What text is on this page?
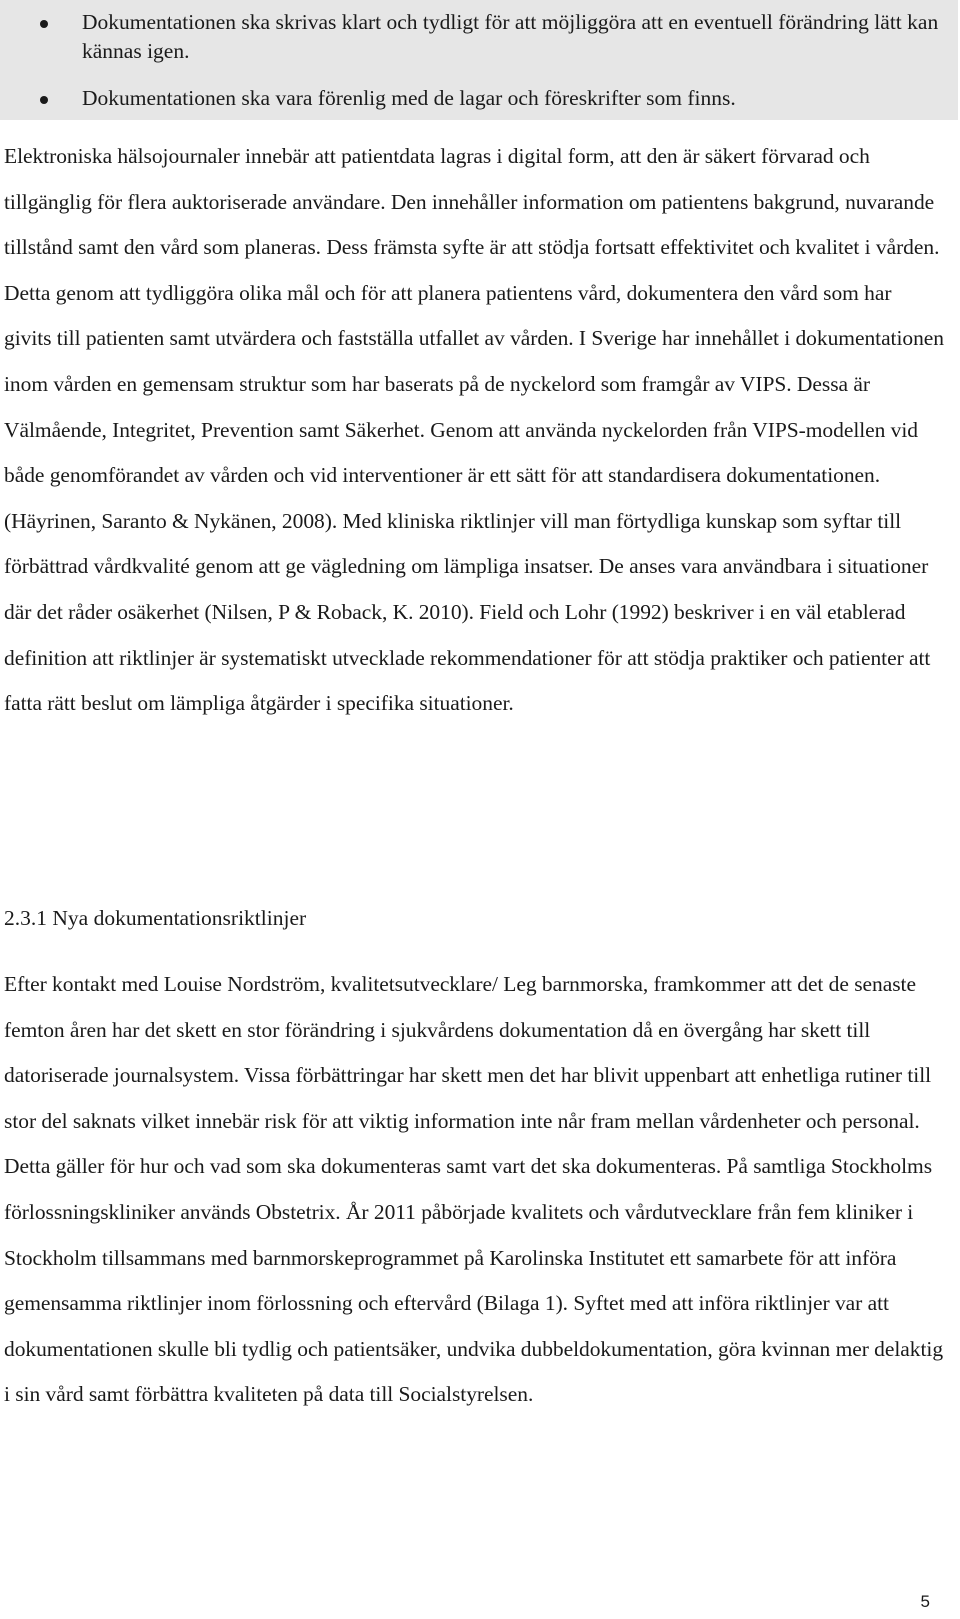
Dokumentationen ska skrivas klart och tydligt för att möjliggöra att en eventuell förändring lätt kan kännas igen.
Dokumentationen ska vara förenlig med de lagar och föreskrifter som finns.

Elektroniska hälsojournaler innebär att patientdata lagras i digital form, att den är säkert förvarad och tillgänglig för flera auktoriserade användare. Den innehåller information om patientens bakgrund, nuvarande tillstånd samt den vård som planeras. Dess främsta syfte är att stödja fortsatt effektivitet och kvalitet i vården. Detta genom att tydliggöra olika mål och för att planera patientens vård, dokumentera den vård som har givits till patienten samt utvärdera och fastställa utfallet av vården. I Sverige har innehållet i dokumentationen inom vården en gemensam struktur som har baserats på de nyckelord som framgår av VIPS. Dessa är Välmående, Integritet, Prevention samt Säkerhet. Genom att använda nyckelorden från VIPS-modellen vid både genomförandet av vården och vid interventioner är ett sätt för att standardisera dokumentationen. (Häyrinen, Saranto & Nykänen, 2008). Med kliniska riktlinjer vill man förtydliga kunskap som syftar till förbättrad vårdkvalité genom att ge vägledning om lämpliga insatser. De anses vara användbara i situationer där det råder osäkerhet (Nilsen, P & Roback, K. 2010). Field och Lohr (1992) beskriver i en väl etablerad definition att riktlinjer är systematiskt utvecklade rekommendationer för att stödja praktiker och patienter att fatta rätt beslut om lämpliga åtgärder i specifika situationer.

2.3.1 Nya dokumentationsriktlinjer

Efter kontakt med Louise Nordström, kvalitetsutvecklare/ Leg barnmorska, framkommer att det de senaste femton åren har det skett en stor förändring i sjukvårdens dokumentation då en övergång har skett till datoriserade journalsystem. Vissa förbättringar har skett men det har blivit uppenbart att enhetliga rutiner till stor del saknats vilket innebär risk för att viktig information inte når fram mellan vårdenheter och personal. Detta gäller för hur och vad som ska dokumenteras samt vart det ska dokumenteras. På samtliga Stockholms förlossningskliniker används Obstetrix. År 2011 påbörjade kvalitets och vårdutvecklare från fem kliniker i Stockholm tillsammans med barnmorskeprogrammet på Karolinska Institutet ett samarbete för att införa gemensamma riktlinjer inom förlossning och eftervård (Bilaga 1). Syftet med att införa riktlinjer var att dokumentationen skulle bli tydlig och patientsäker, undvika dubbeldokumentation, göra kvinnan mer delaktig i sin vård samt förbättra kvaliteten på data till Socialstyrelsen.

5
